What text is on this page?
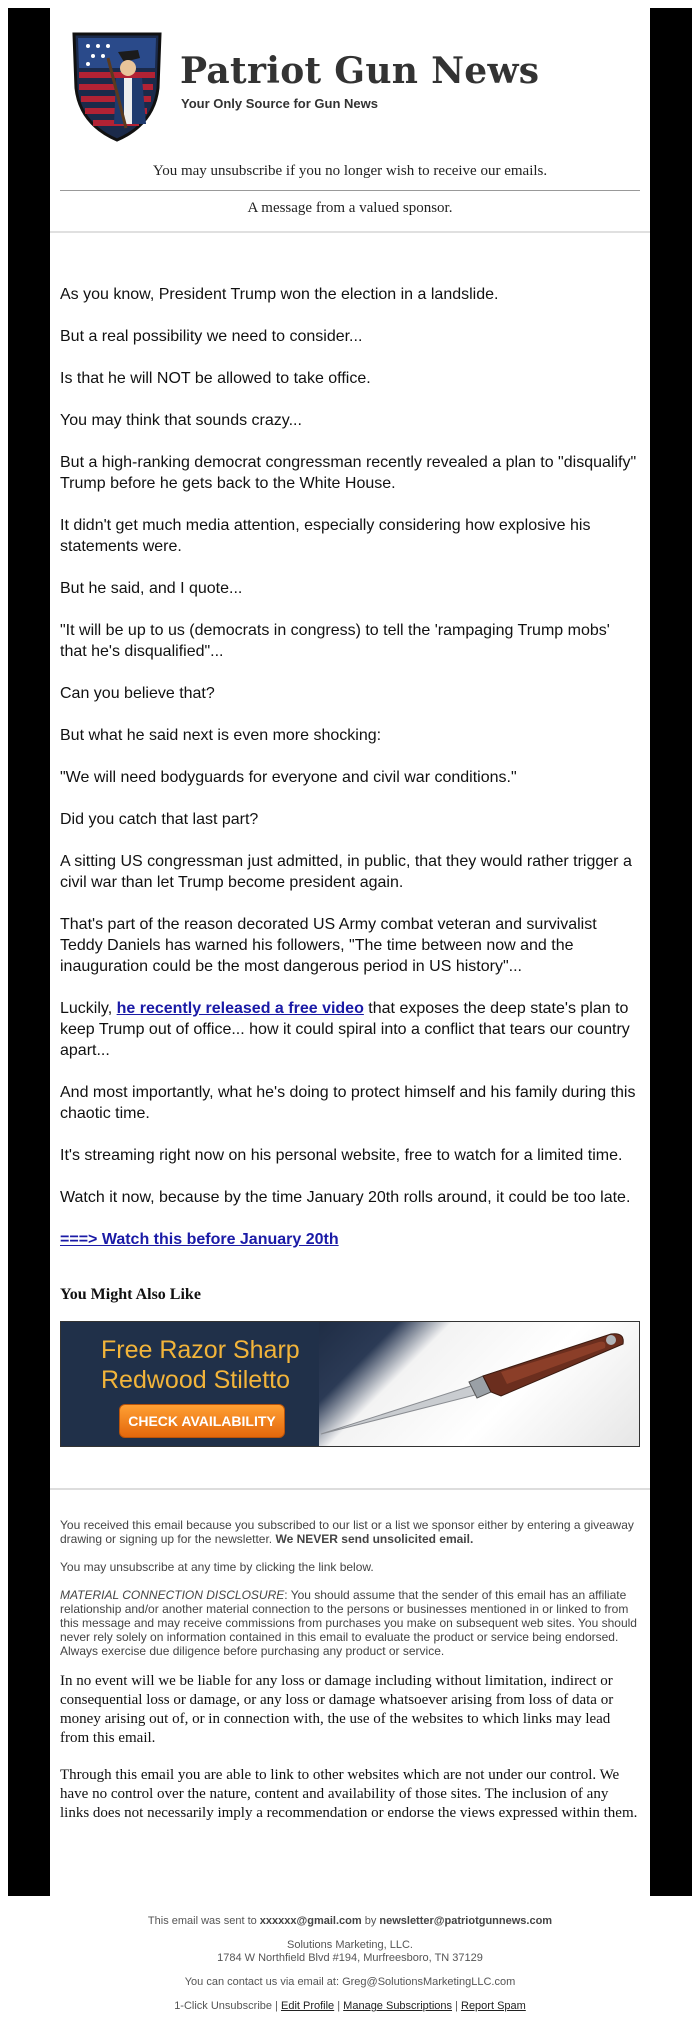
Patriot Gun News
Your Only Source for Gun News
You may unsubscribe if you no longer wish to receive our emails.
A message from a valued sponsor.

As you know, President Trump won the election in a landslide.

But a real possibility we need to consider...

Is that he will NOT be allowed to take office.

You may think that sounds crazy...

But a high-ranking democrat congressman recently revealed a plan to "disqualify" Trump before he gets back to the White House.

It didn't get much media attention, especially considering how explosive his statements were.

But he said, and I quote...

"It will be up to us (democrats in congress) to tell the 'rampaging Trump mobs' that he's disqualified"...

Can you believe that?

But what he said next is even more shocking:

"We will need bodyguards for everyone and civil war conditions."

Did you catch that last part?

A sitting US congressman just admitted, in public, that they would rather trigger a civil war than let Trump become president again.

That's part of the reason decorated US Army combat veteran and survivalist Teddy Daniels has warned his followers, "The time between now and the inauguration could be the most dangerous period in US history"...

Luckily, he recently released a free video that exposes the deep state's plan to keep Trump out of office... how it could spiral into a conflict that tears our country apart...

And most importantly, what he's doing to protect himself and his family during this chaotic time.

It's streaming right now on his personal website, free to watch for a limited time.

Watch it now, because by the time January 20th rolls around, it could be too late.

===> Watch this before January 20th

You Might Also Like
Free Razor Sharp
Redwood Stiletto
CHECK AVAILABILITY

You received this email because you subscribed to our list or a list we sponsor either by entering a giveaway drawing or signing up for the newsletter. We NEVER send unsolicited email.

You may unsubscribe at any time by clicking the link below.

MATERIAL CONNECTION DISCLOSURE: You should assume that the sender of this email has an affiliate relationship and/or another material connection to the persons or businesses mentioned in or linked to from this message and may receive commissions from purchases you make on subsequent web sites. You should never rely solely on information contained in this email to evaluate the product or service being endorsed. Always exercise due diligence before purchasing any product or service.

In no event will we be liable for any loss or damage including without limitation, indirect or consequential loss or damage, or any loss or damage whatsoever arising from loss of data or money arising out of, or in connection with, the use of the websites to which links may lead from this email.

Through this email you are able to link to other websites which are not under our control. We have no control over the nature, content and availability of those sites. The inclusion of any links does not necessarily imply a recommendation or endorse the views expressed within them.

This email was sent to xxxxxx@gmail.com by newsletter@patriotgunnews.com
Solutions Marketing, LLC.
1784 W Northfield Blvd #194, Murfreesboro, TN 37129
You can contact us via email at: Greg@SolutionsMarketingLLC.com
1-Click Unsubscribe | Edit Profile | Manage Subscriptions | Report Spam
